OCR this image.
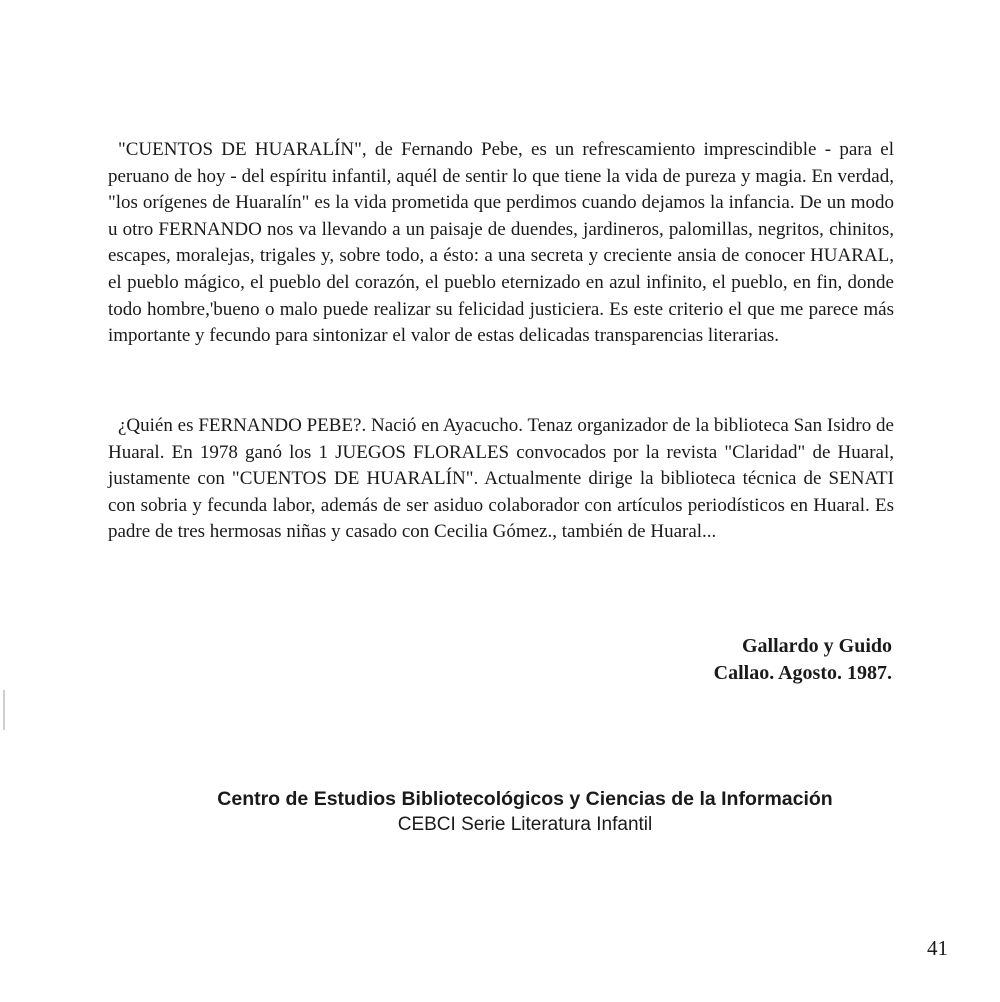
"CUENTOS DE HUARALÍN", de Fernando Pebe, es un refrescamiento imprescindible - para el peruano de hoy - del espíritu infantil, aquél de sentir lo que tiene la vida de pureza y magia. En verdad, "los orígenes de Huaralín" es la vida prometida que perdimos cuando dejamos la infancia. De un modo u otro FERNANDO nos va llevando a un paisaje de duendes, jardineros, palomillas, negritos, chinitos, escapes, moralejas, trigales y, sobre todo, a ésto: a una secreta y creciente ansia de conocer HUARAL, el pueblo mágico, el pueblo del corazón, el pueblo eternizado en azul infinito, el pueblo, en fin, donde todo hombre,'bueno o malo puede realizar su felicidad justiciera. Es este criterio el que me parece más importante y fecundo para sintonizar el valor de estas delicadas transparencias literarias.

¿Quién es FERNANDO PEBE?. Nació en Ayacucho. Tenaz organizador de la biblioteca San Isidro de Huaral. En 1978 ganó los 1 JUEGOS FLORALES convocados por la revista "Claridad" de Huaral, justamente con "CUENTOS DE HUARALÍN". Actualmente dirige la biblioteca técnica de SENATI con sobria y fecunda labor, además de ser asiduo colaborador con artículos periodísticos en Huaral. Es padre de tres hermosas niñas y casado con Cecilia Gómez., también de Huaral...

Gallardo y Guido
Callao. Agosto. 1987.
Centro de Estudios Bibliotecológicos y Ciencias de la Información
CEBCI Serie Literatura Infantil
41
